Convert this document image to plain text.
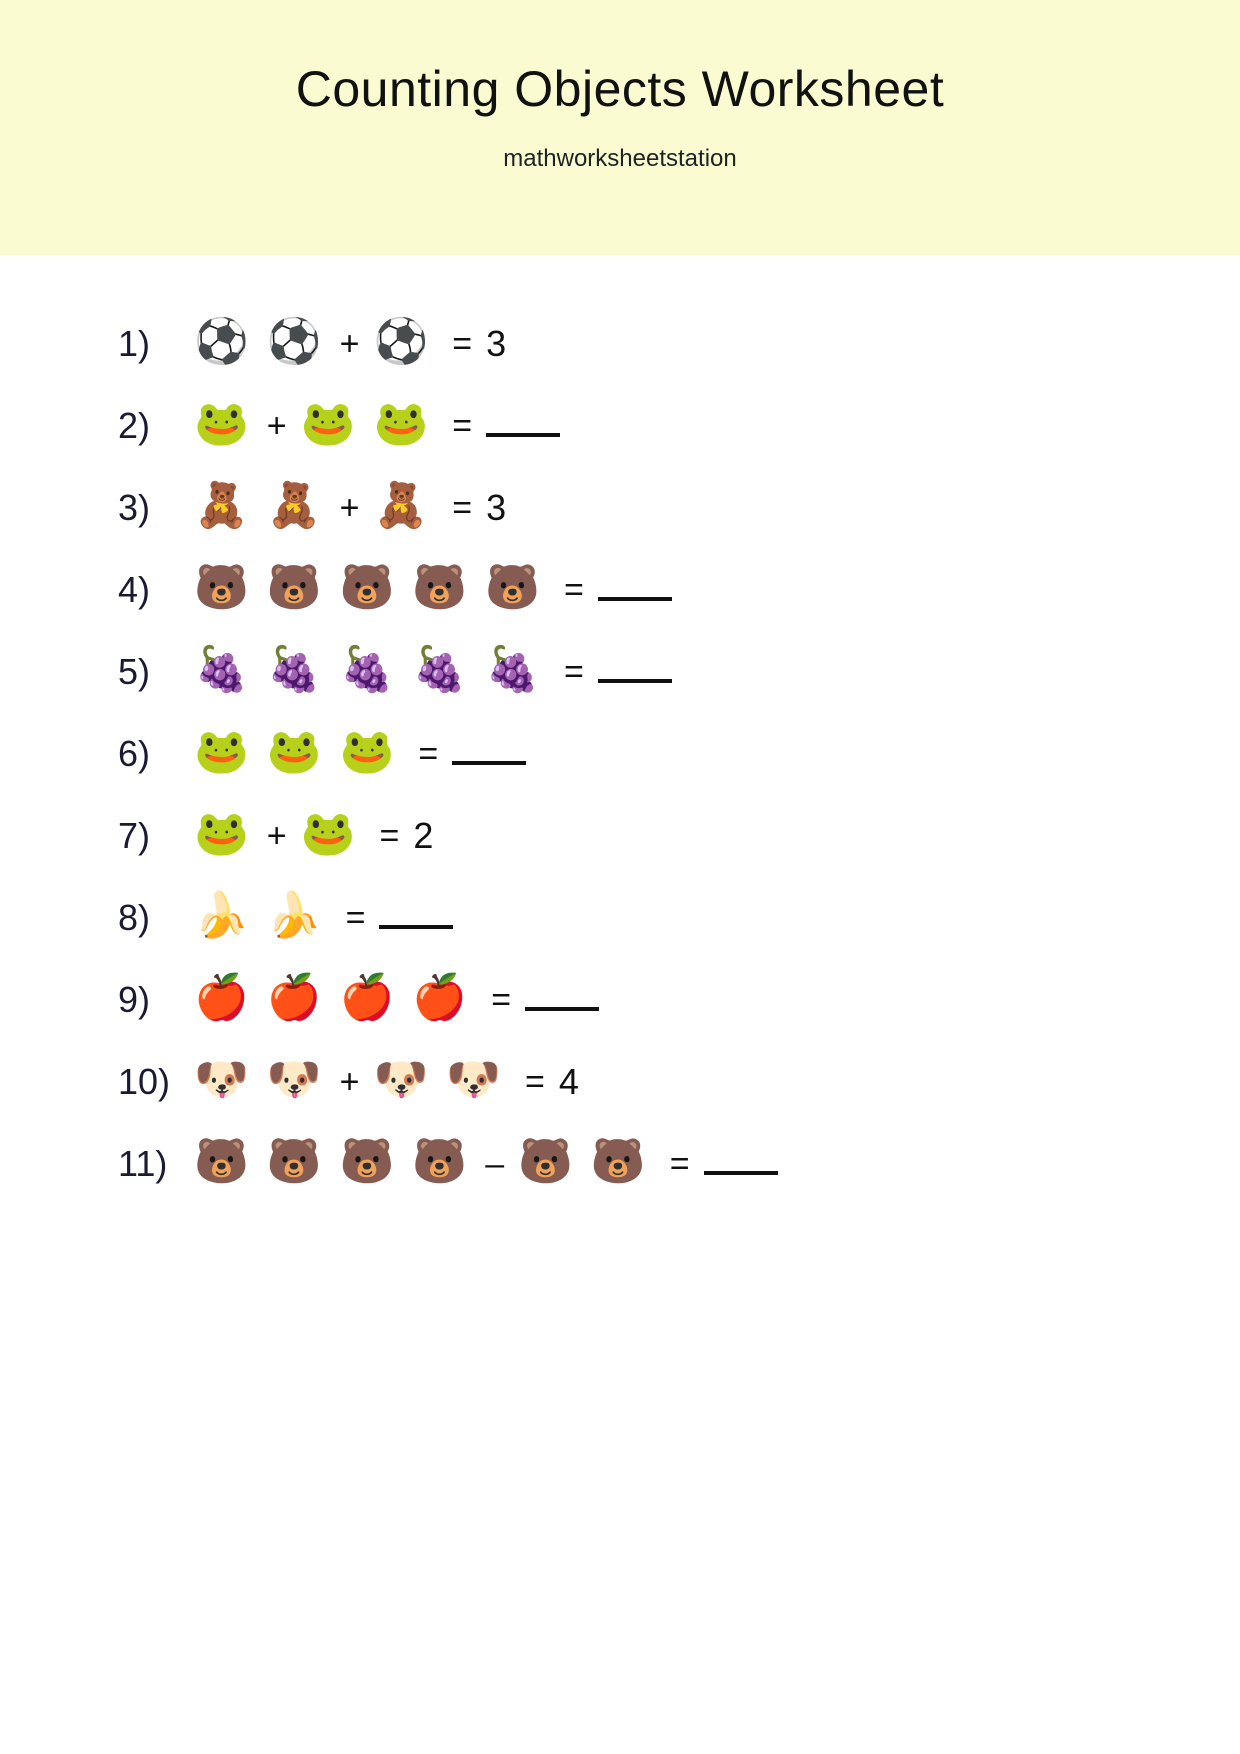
Counting Objects Worksheet
mathworksheetstation
1) ⚽ ⚽ + ⚽ = 3
2) 🐸 + 🐸 🐸 =
3) 🧸 🧸 + 🧸 = 3
4) 🐻 🐻 🐻 🐻 🐻 =
5) 🍇 🍇 🍇 🍇 🍇 =
6) 🐸 🐸 🐸 =
7) 🐸 + 🐸 = 2
8) 🍌 🍌 =
9) 🍎 🍎 🍎 🍎 =
10) 🐶 🐶 + 🐶 🐶 = 4
11) 🐻 🐻 🐻 🐻 – 🐻 🐻 =
